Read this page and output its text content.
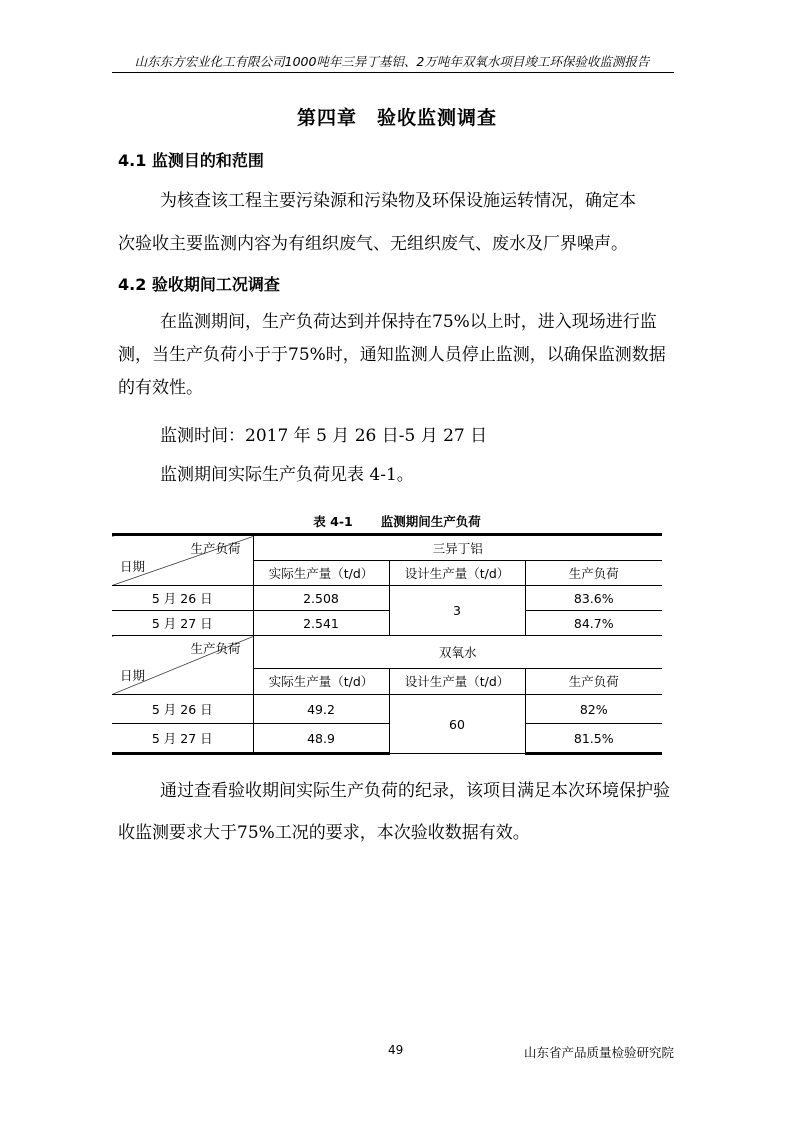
山东东方宏业化工有限公司1000吨年三异丁基铝、2万吨年双氧水项目竣工环保验收监测报告
第四章　验收监测调查
4.1 监测目的和范围
为核查该工程主要污染源和污染物及环保设施运转情况，确定本
次验收主要监测内容为有组织废气、无组织废气、废水及厂界噪声。
4.2 验收期间工况调查
在监测期间，生产负荷达到并保持在75%以上时，进入现场进行监测，当生产负荷小于于75%时，通知监测人员停止监测，以确保监测数据的有效性。
监测时间：2017 年 5 月 26 日-5 月 27 日
监测期间实际生产负荷见表 4-1。
表 4-1 监测期间生产负荷
生产负荷
日期	三异丁铝		
	实际生产量（t/d）	设计生产量（t/d）	生产负荷
5 月 26 日	2.508	3	83.6%
5 月 27 日	2.541		84.7%

生产负荷
日期	双氧水		
	实际生产量（t/d）	设计生产量（t/d）	生产负荷
5 月 26 日	49.2	60	82%
5 月 27 日	48.9		81.5%
通过查看验收期间实际生产负荷的纪录，该项目满足本次环境保护验收监测要求大于75%工况的要求，本次验收数据有效。
49	山东省产品质量检验研究院
